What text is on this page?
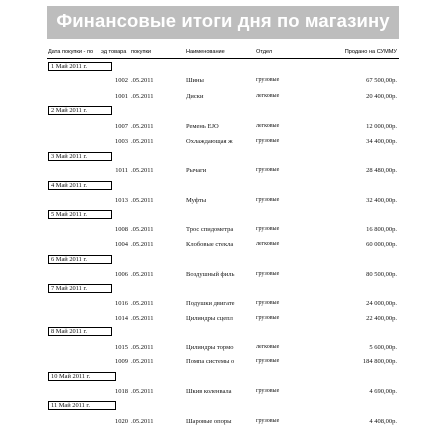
Финансовые итоги дня по магазину
Дата покупки - по	эд товара покупки	Наименование	Отдел	Продано на СУММУ
1 Май 2011 г.
1002 .05.2011	Шины	грузовые	67 500,00р.
1001 .05.2011	Диски	легковые	20 400,00р.
2 Май 2011 г.
1007 .05.2011	Ремень EJO	легковые	12 000,00р.
1003 .05.2011	Охлаждающая ж	грузовые	34 400,00р.
3 Май 2011 г.
1011 .05.2011	Рычаги	грузовые	28 480,00р.
4 Май 2011 г.
1013 .05.2011	Муфты	грузовые	32 400,00р.
5 Май 2011 г.
1008 .05.2011	Трос спидометра	грузовые	16 800,00р.
1004 .05.2011	Клобовые стекла	легковые	60 000,00р.
6 Май 2011 г.
1006 .05.2011	Воздушный филь	грузовые	80 500,00р.
7 Май 2011 г.
1016 .05.2011	Подушки двигате	грузовые	24 000,00р.
1014 .05.2011	Цилиндры сцепл	грузовые	22 400,00р.
8 Май 2011 г.
1015 .05.2011	Цилиндры тормо	легковые	5 600,00р.
1009 .05.2011	Помпа системы о	грузовые	184 800,00р.
10 Май 2011 г.
1018 .05.2011	Шкив коленвала	грузовые	4 690,00р.
11 Май 2011 г.
1020 .05.2011	Шаровые опоры	грузовые	4 408,00р.
